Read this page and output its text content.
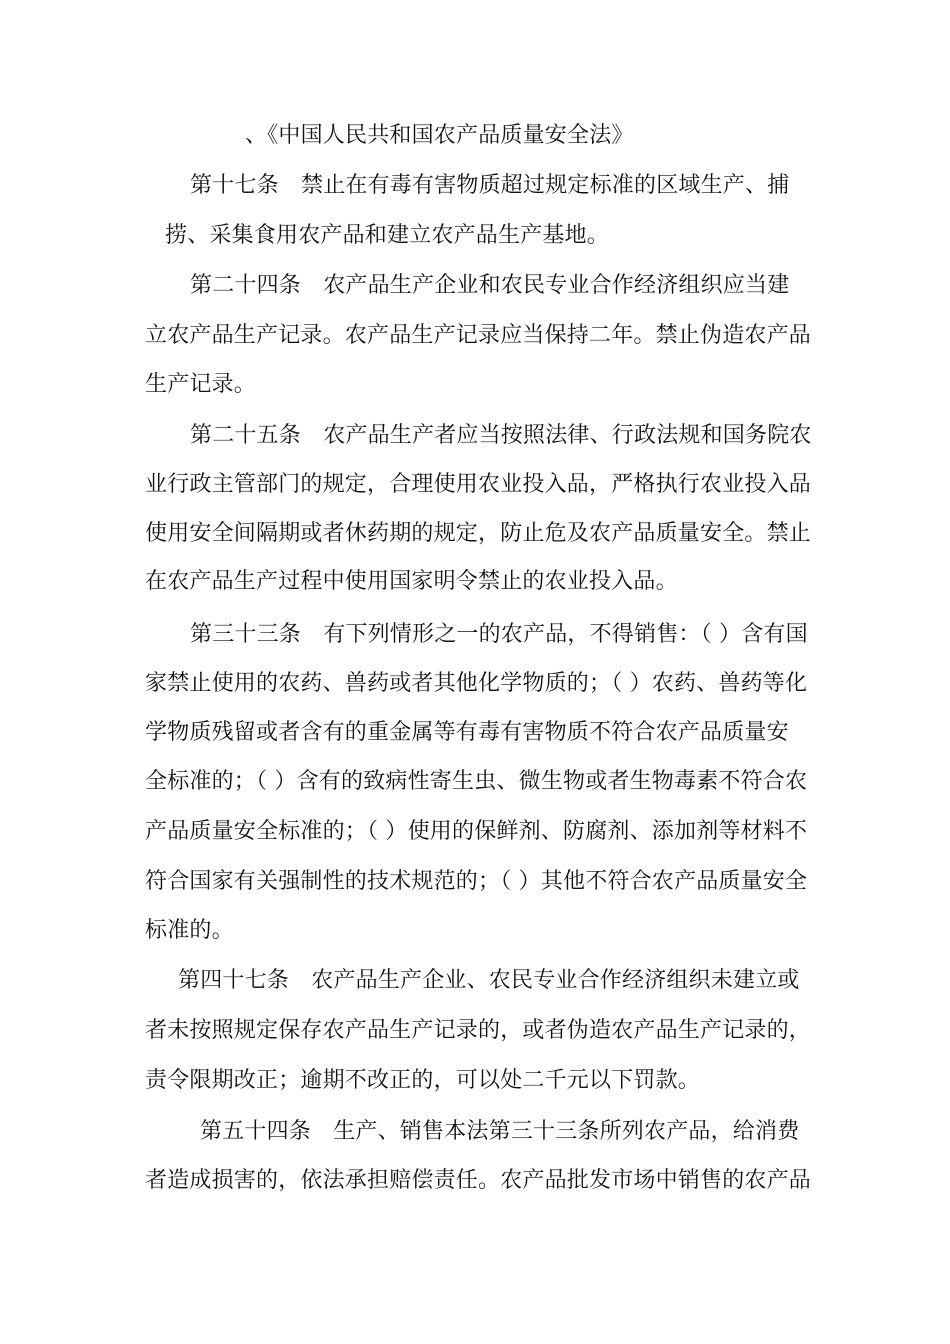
、《中国人民共和国农产品质量安全法》
第十七条　禁止在有毒有害物质超过规定标准的区域生产、捕
捞、采集食用农产品和建立农产品生产基地。
第二十四条　农产品生产企业和农民专业合作经济组织应当建
立农产品生产记录。农产品生产记录应当保持二年。禁止伪造农产品
生产记录。
第二十五条　农产品生产者应当按照法律、行政法规和国务院农
业行政主管部门的规定，合理使用农业投入品，严格执行农业投入品
使用安全间隔期或者休药期的规定，防止危及农产品质量安全。禁止
在农产品生产过程中使用国家明令禁止的农业投入品。
第三十三条　有下列情形之一的农产品，不得销售：（ ）含有国
家禁止使用的农药、兽药或者其他化学物质的；（ ）农药、兽药等化
学物质残留或者含有的重金属等有毒有害物质不符合农产品质量安
全标准的；（ ）含有的致病性寄生虫、微生物或者生物毒素不符合农
产品质量安全标准的；（ ）使用的保鲜剂、防腐剂、添加剂等材料不
符合国家有关强制性的技术规范的；（ ）其他不符合农产品质量安全
标准的。
第四十七条　农产品生产企业、农民专业合作经济组织未建立或
者未按照规定保存农产品生产记录的，或者伪造农产品生产记录的，
责令限期改正；逾期不改正的，可以处二千元以下罚款。
第五十四条　生产、销售本法第三十三条所列农产品，给消费
者造成损害的，依法承担赔偿责任。农产品批发市场中销售的农产品
